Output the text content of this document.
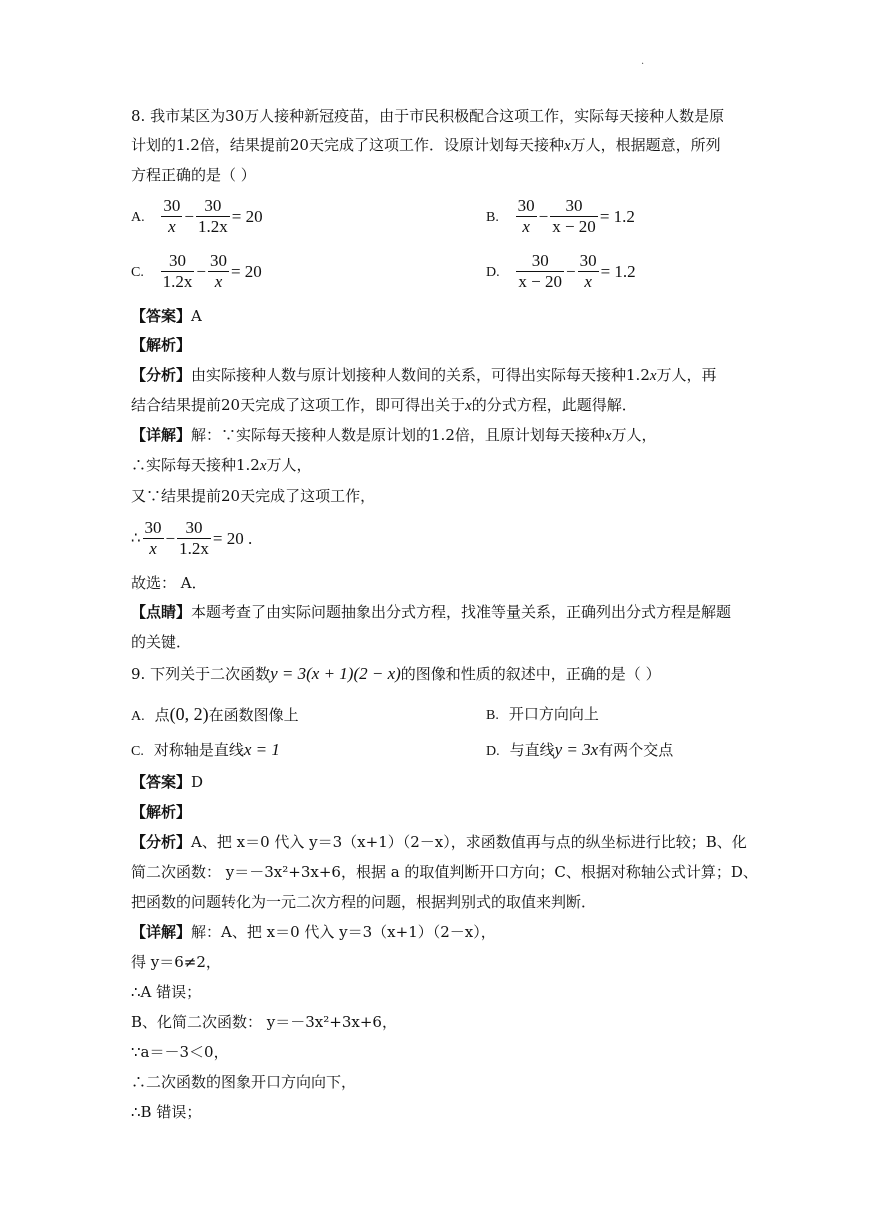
.
8. 我市某区为30万人接种新冠疫苗，由于市民积极配合这项工作，实际每天接种人数是原
计划的1.2倍，结果提前20天完成了这项工作．设原计划每天接种x万人，根据题意，所列
方程正确的是（ ）
A. $\frac{30}{x} - \frac{30}{1.2x} = 20$	B. $\frac{30}{x} - \frac{30}{x - 20} = 1.2$
C. $\frac{30}{1.2x} - \frac{30}{x} = 20$	D. $\frac{30}{x - 20} - \frac{30}{x} = 1.2$
【答案】A
【解析】
【分析】由实际接种人数与原计划接种人数间的关系，可得出实际每天接种1.2x万人，再
结合结果提前20天完成了这项工作，即可得出关于x的分式方程，此题得解．
【详解】解：∵实际每天接种人数是原计划的1.2倍，且原计划每天接种x万人，
∴实际每天接种1.2x万人，
又∵结果提前20天完成了这项工作，
∴ $\frac{30}{x} - \frac{30}{1.2x} = 20$ .
故选： A．
【点睛】本题考查了由实际问题抽象出分式方程，找准等量关系，正确列出分式方程是解题
的关键．
9. 下列关于二次函数y = 3(x + 1)(2 − x)的图像和性质的叙述中，正确的是（ ）
A. 点(0, 2)在函数图像上	B. 开口方向向上
C. 对称轴是直线x = 1	D. 与直线y = 3x有两个交点
【答案】D
【解析】
【分析】A、把 x＝0 代入 y＝3（x+1）（2－x），求函数值再与点的纵坐标进行比较；B、化
简二次函数： y＝－3x²+3x+6，根据 a 的取值判断开口方向；C、根据对称轴公式计算；D、
把函数的问题转化为一元二次方程的问题，根据判别式的取值来判断．
【详解】解：A、把 x＝0 代入 y＝3（x+1）（2－x），
得 y＝6≠2，
∴A 错误；
B、化简二次函数： y＝－3x²+3x+6，
∵a＝－3＜0，
∴二次函数的图象开口方向向下，
∴B 错误；
